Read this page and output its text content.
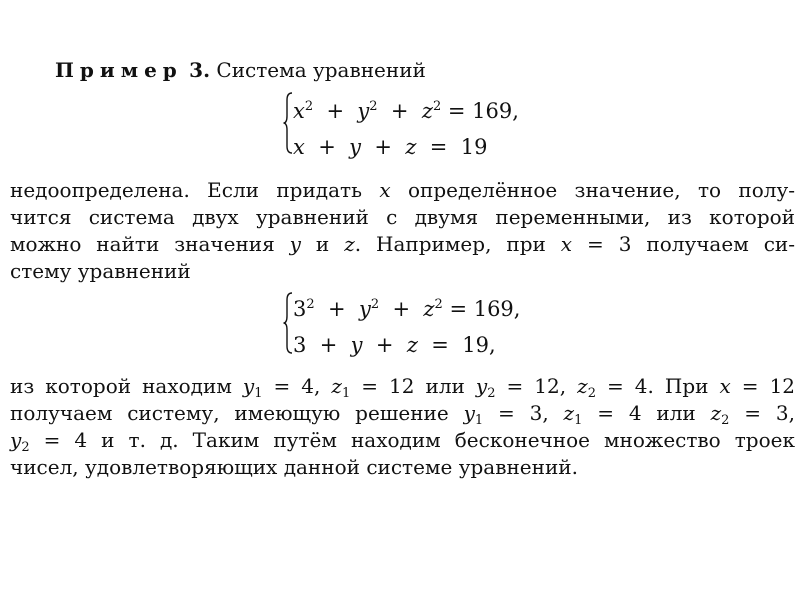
Пример 3. Система уравнений
$x^2 + y^2 + z^2 = 169$,
x  +  y  +  z  =  19
недоопределена. Если придать x определённое значение, то полу-
чится система двух уравнений с двумя переменными, из которой
можно найти значения y и z. Например, при x = 3 получаем си-
стему уравнений
$3^2 + y^2 + z^2 = 169$,
3  +  y  +  z  =  19,
из которой находим $y_1 = 4$, $z_1 = 12$ или $y_2 = 12$, $z_2 = 4$. При x = 12
получаем систему, имеющую решение $y_1 = 3$, $z_1 = 4$ или $z_2 = 3$,
$y_2 = 4$ и т. д. Таким путём находим бесконечное множество троек
чисел, удовлетворяющих данной системе уравнений.
